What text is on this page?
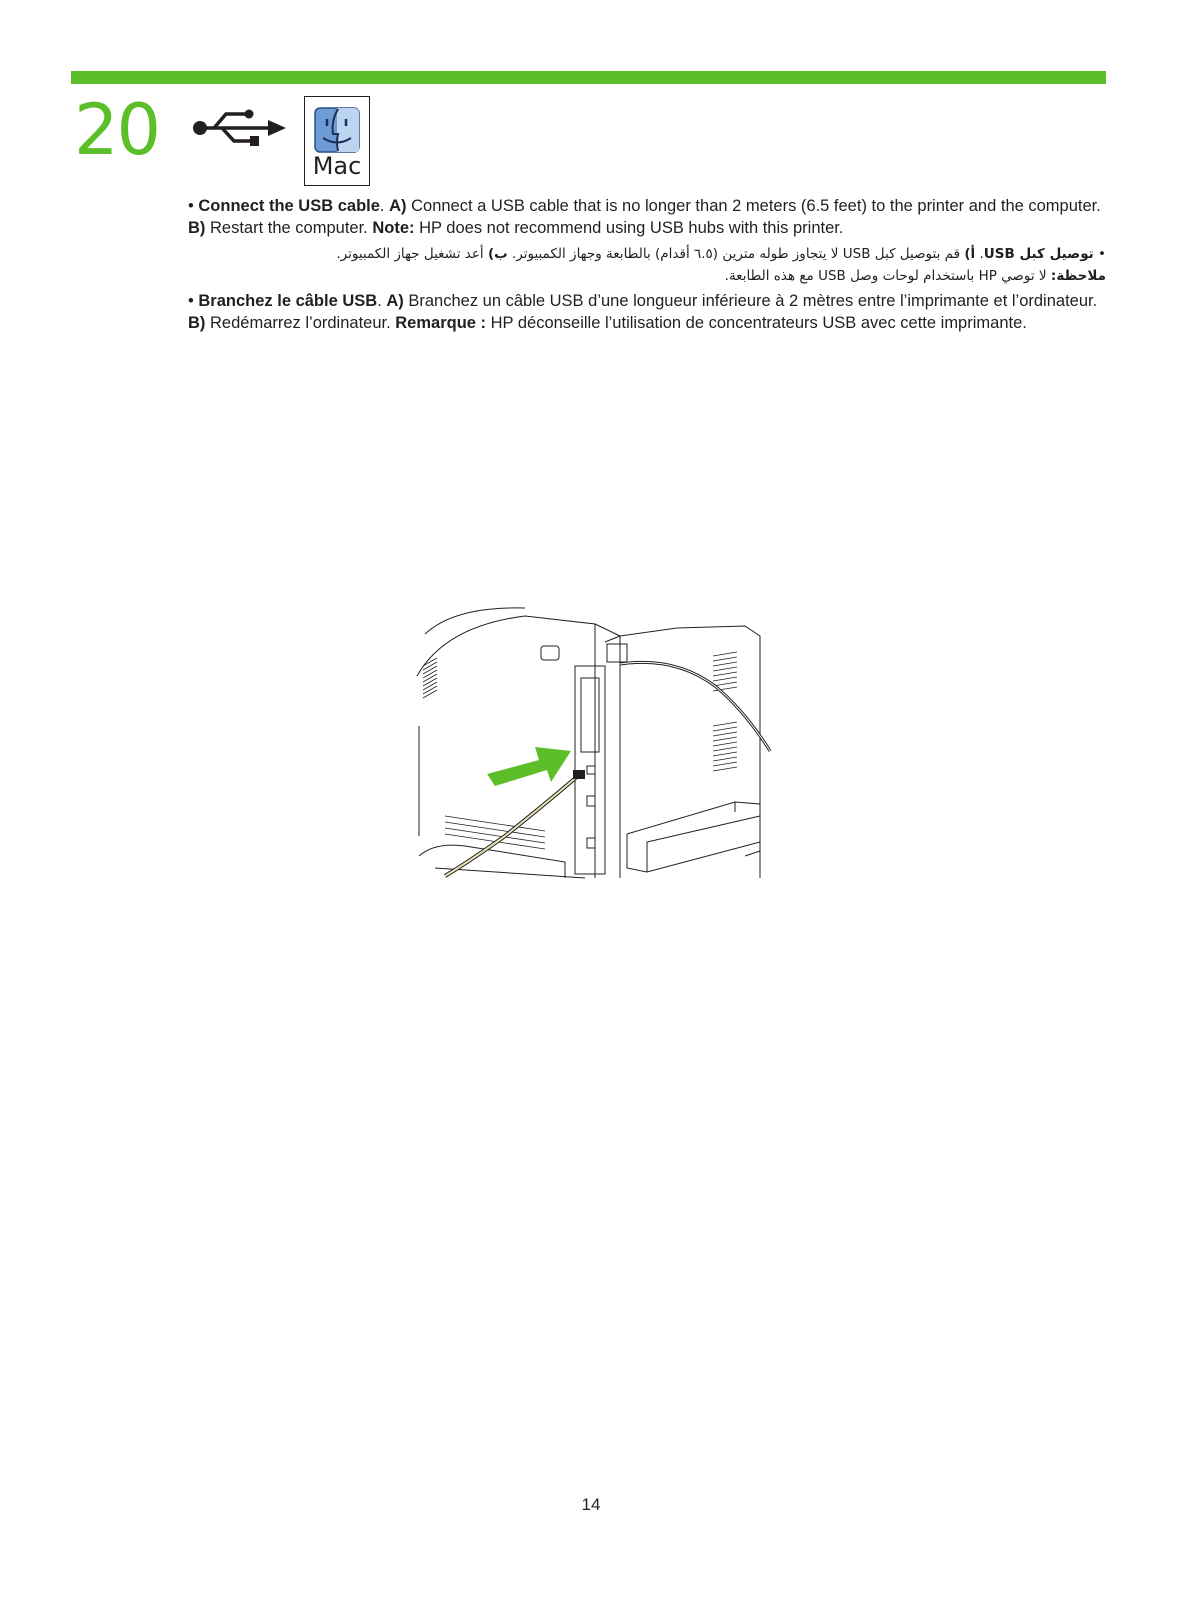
20	Mac
• Connect the USB cable. A) Connect a USB cable that is no longer than 2 meters (6.5 feet) to the printer and the computer. B) Restart the computer. Note: HP does not recommend using USB hubs with this printer.
• توصيل كبل USB. أ) قم بتوصيل كبل USB لا يتجاوز طوله مترين (٦.٥ أقدام) بالطابعة وجهاز الكمبيوتر. ب) أعد تشغيل جهاز الكمبيوتر.
ملاحظة: لا توصي HP باستخدام لوحات وصل USB مع هذه الطابعة.
• Branchez le câble USB. A) Branchez un câble USB d’une longueur inférieure à 2 mètres entre l’imprimante et l’ordinateur. B) Redémarrez l’ordinateur. Remarque : HP déconseille l’utilisation de concentrateurs USB avec cette imprimante.
14
